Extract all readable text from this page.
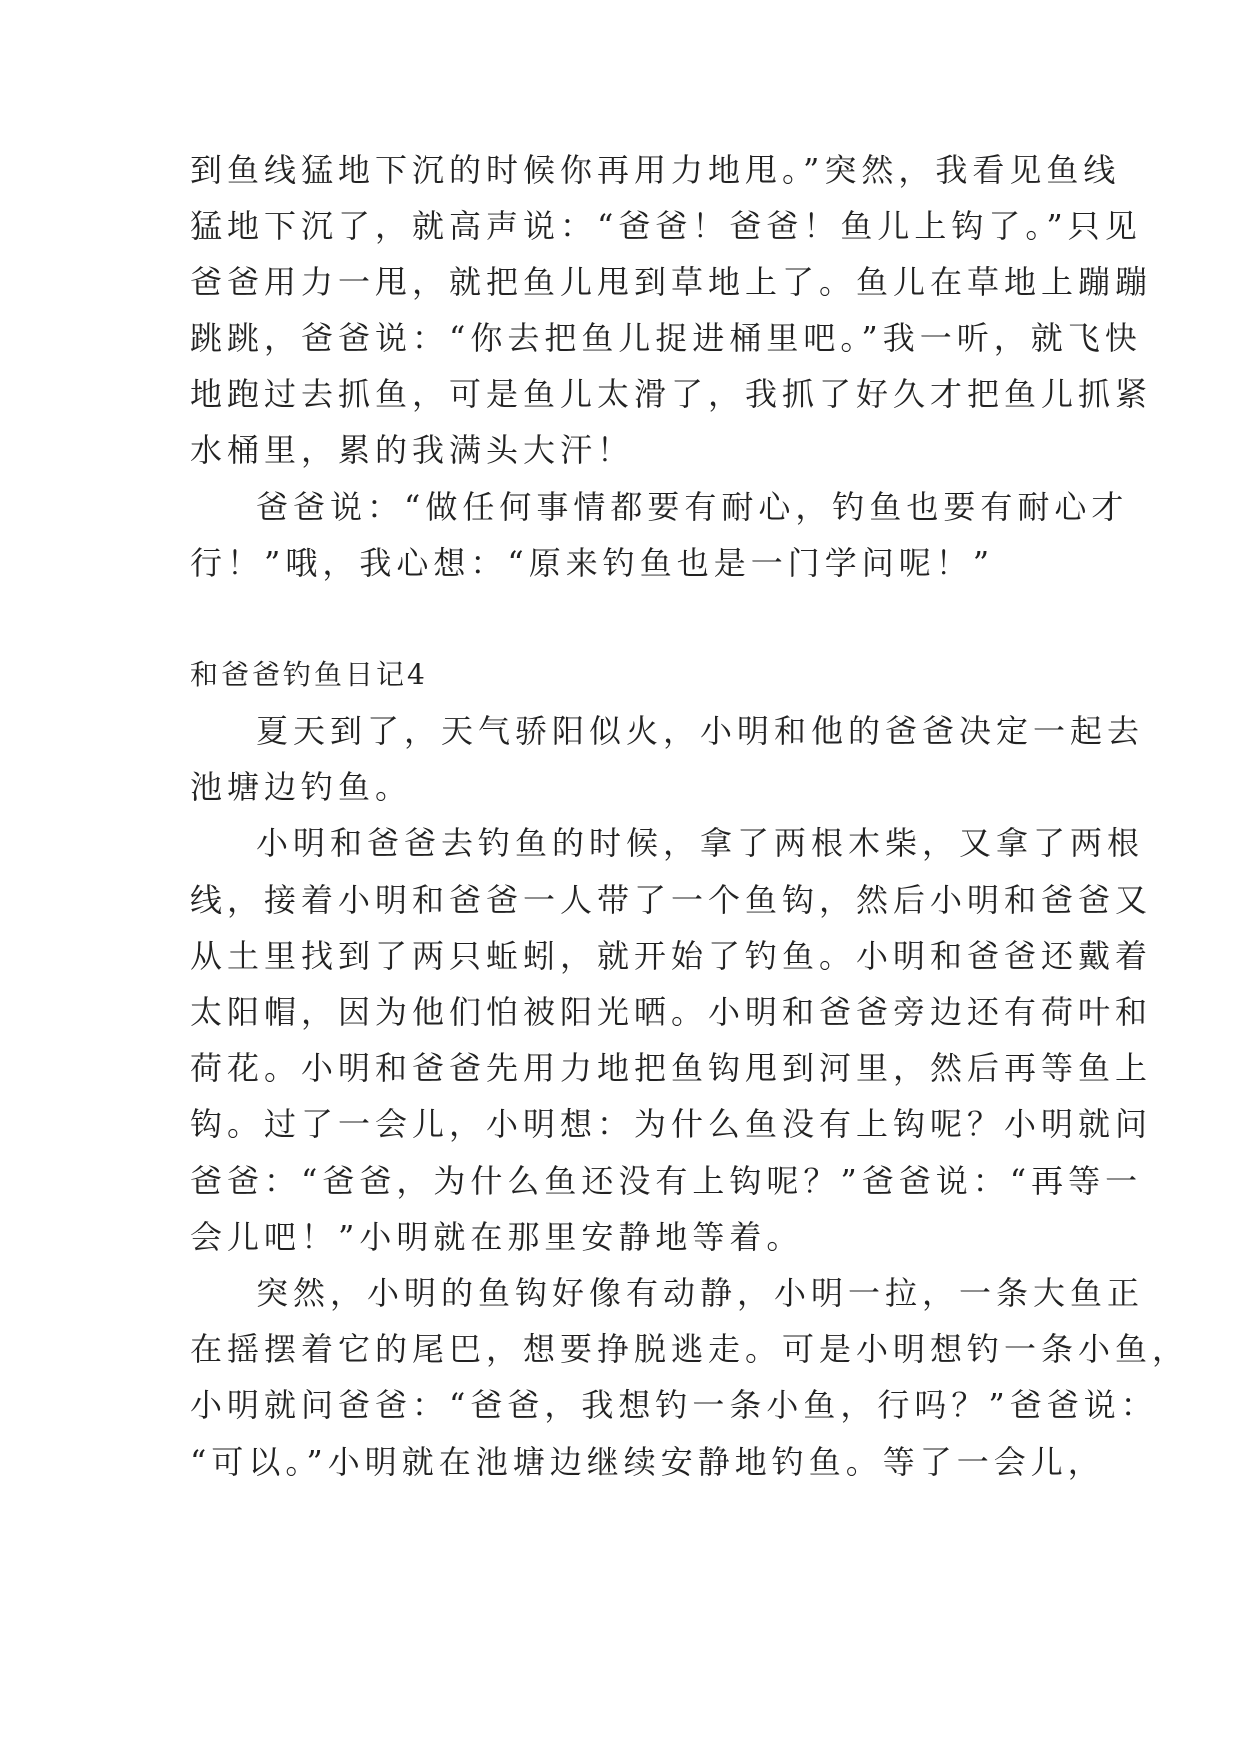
到鱼线猛地下沉的时候你再用力地甩。”突然，我看见鱼线
猛地下沉了，就高声说：“爸爸！爸爸！鱼儿上钩了。”只见
爸爸用力一甩，就把鱼儿甩到草地上了。鱼儿在草地上蹦蹦
跳跳，爸爸说：“你去把鱼儿捉进桶里吧。”我一听，就飞快
地跑过去抓鱼，可是鱼儿太滑了，我抓了好久才把鱼儿抓紧
水桶里，累的我满头大汗！
爸爸说：“做任何事情都要有耐心，钓鱼也要有耐心才
行！”哦，我心想：“原来钓鱼也是一门学问呢！”
和爸爸钓鱼日记4
夏天到了，天气骄阳似火，小明和他的爸爸决定一起去
池塘边钓鱼。
小明和爸爸去钓鱼的时候，拿了两根木柴，又拿了两根
线，接着小明和爸爸一人带了一个鱼钩，然后小明和爸爸又
从土里找到了两只蚯蚓，就开始了钓鱼。小明和爸爸还戴着
太阳帽，因为他们怕被阳光晒。小明和爸爸旁边还有荷叶和
荷花。小明和爸爸先用力地把鱼钩甩到河里，然后再等鱼上
钩。过了一会儿，小明想：为什么鱼没有上钩呢？小明就问
爸爸：“爸爸，为什么鱼还没有上钩呢？”爸爸说：“再等一
会儿吧！”小明就在那里安静地等着。
突然，小明的鱼钩好像有动静，小明一拉，一条大鱼正
在摇摆着它的尾巴，想要挣脱逃走。可是小明想钓一条小鱼，
小明就问爸爸：“爸爸，我想钓一条小鱼，行吗？”爸爸说：
“可以。”小明就在池塘边继续安静地钓鱼。等了一会儿，
